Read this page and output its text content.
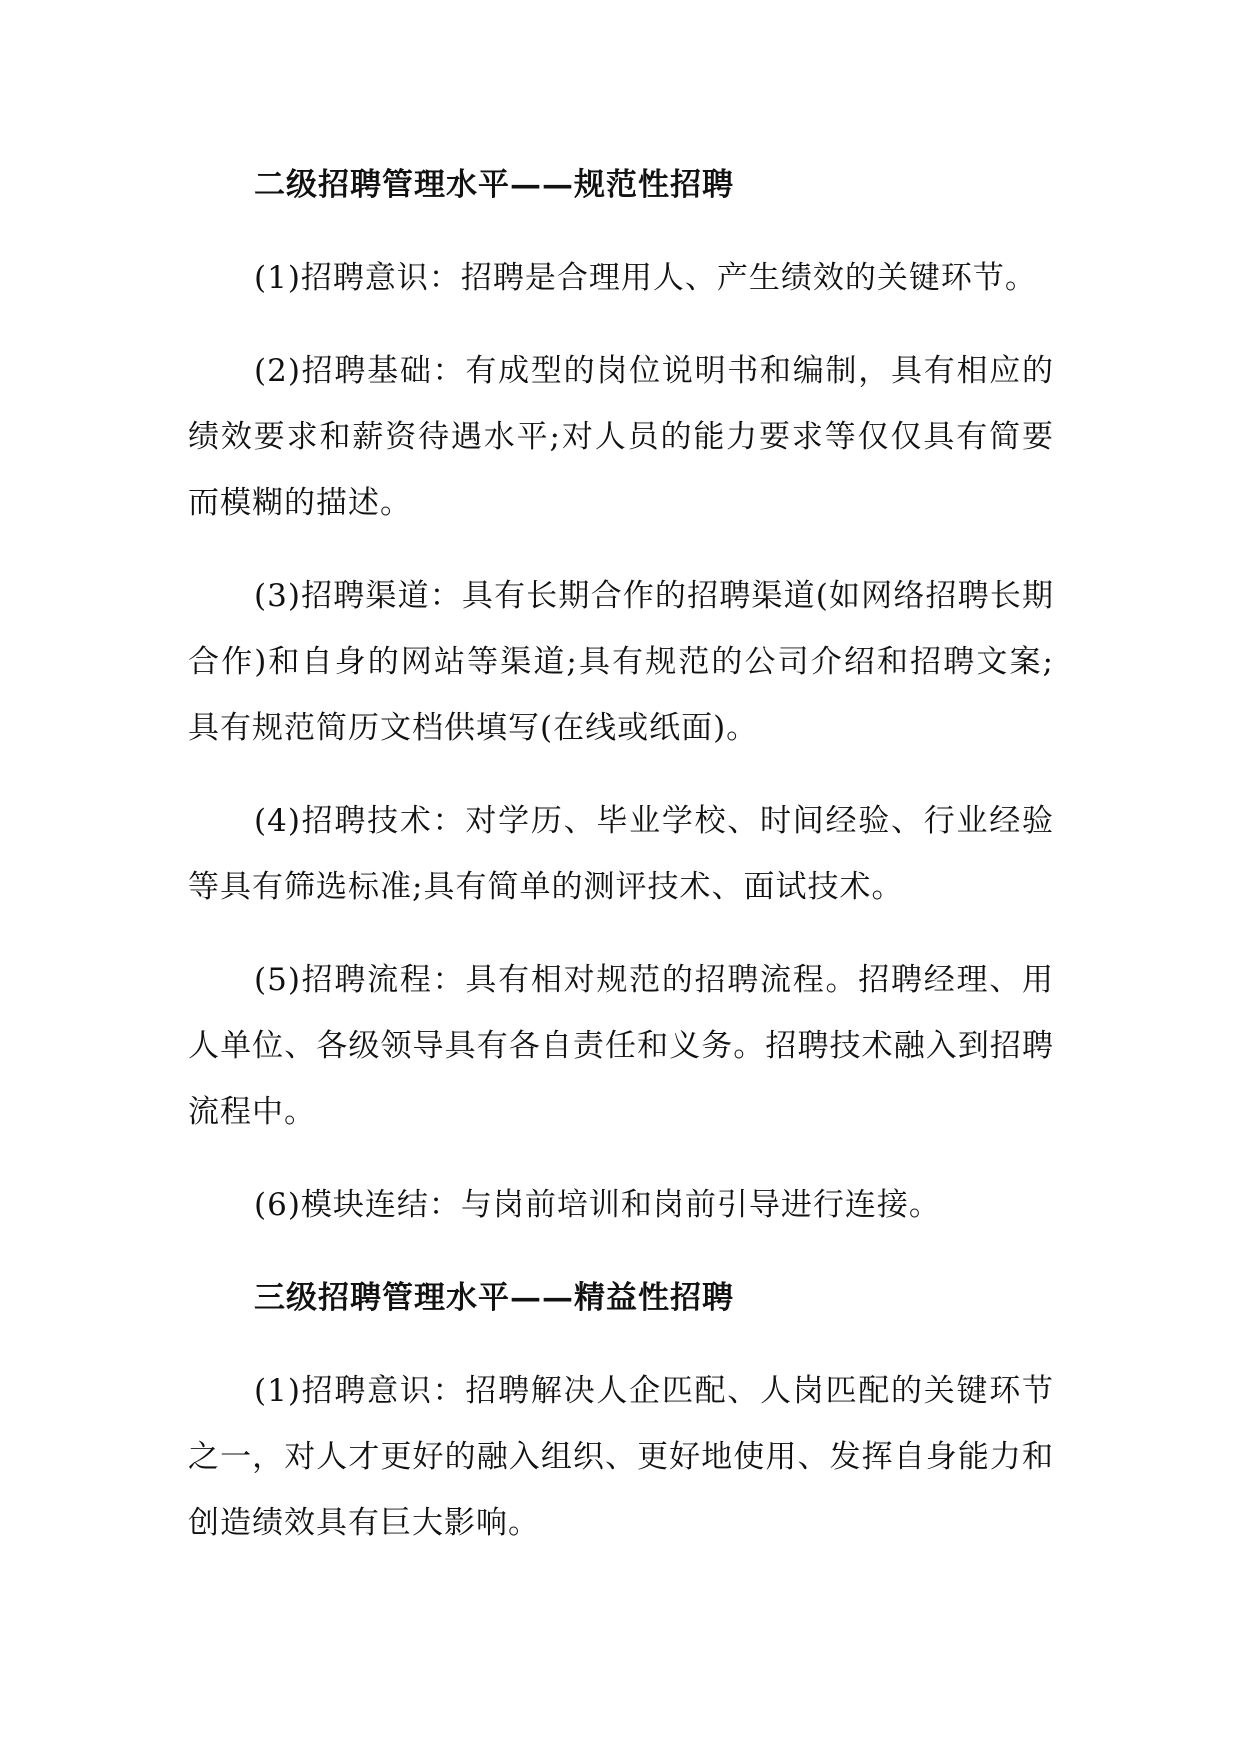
二级招聘管理水平——规范性招聘

(1)招聘意识：招聘是合理用人、产生绩效的关键环节。

(2)招聘基础：有成型的岗位说明书和编制，具有相应的绩效要求和薪资待遇水平;对人员的能力要求等仅仅具有简要而模糊的描述。

(3)招聘渠道：具有长期合作的招聘渠道(如网络招聘长期合作)和自身的网站等渠道;具有规范的公司介绍和招聘文案;具有规范简历文档供填写(在线或纸面)。

(4)招聘技术：对学历、毕业学校、时间经验、行业经验等具有筛选标准;具有简单的测评技术、面试技术。

(5)招聘流程：具有相对规范的招聘流程。招聘经理、用人单位、各级领导具有各自责任和义务。招聘技术融入到招聘流程中。

(6)模块连结：与岗前培训和岗前引导进行连接。

三级招聘管理水平——精益性招聘

(1)招聘意识：招聘解决人企匹配、人岗匹配的关键环节之一，对人才更好的融入组织、更好地使用、发挥自身能力和创造绩效具有巨大影响。
